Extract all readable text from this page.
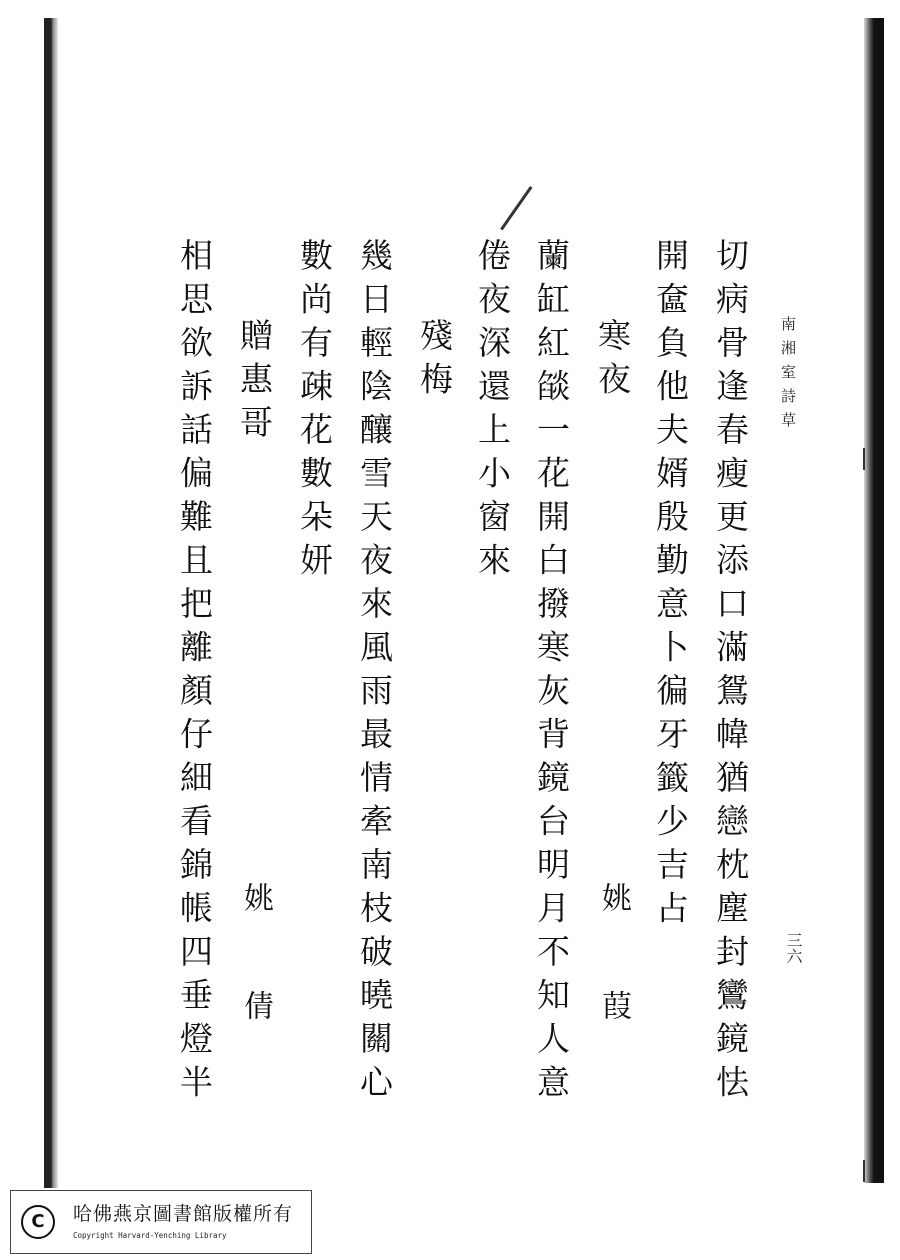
南湘室詩草
三六
切病骨逢春瘦更添口滿鴛幃猶戀枕塵封鸞鏡怯
開奩負他夫婿殷勤意卜徧牙籤少吉占
寒夜
姚　葭
蘭缸紅燄一花開白撥寒灰背鏡台明月不知人意
倦夜深還上小窗來
殘梅
幾日輕陰釀雪天夜來風雨最情牽南枝破曉關心
數尚有疎花數朵妍
贈惠哥
姚　倩
相思欲訴話偏難且把離顏仔細看錦帳四垂燈半
C	哈佛燕京圖書館版權所有
Copyright Harvard-Yenching Library
